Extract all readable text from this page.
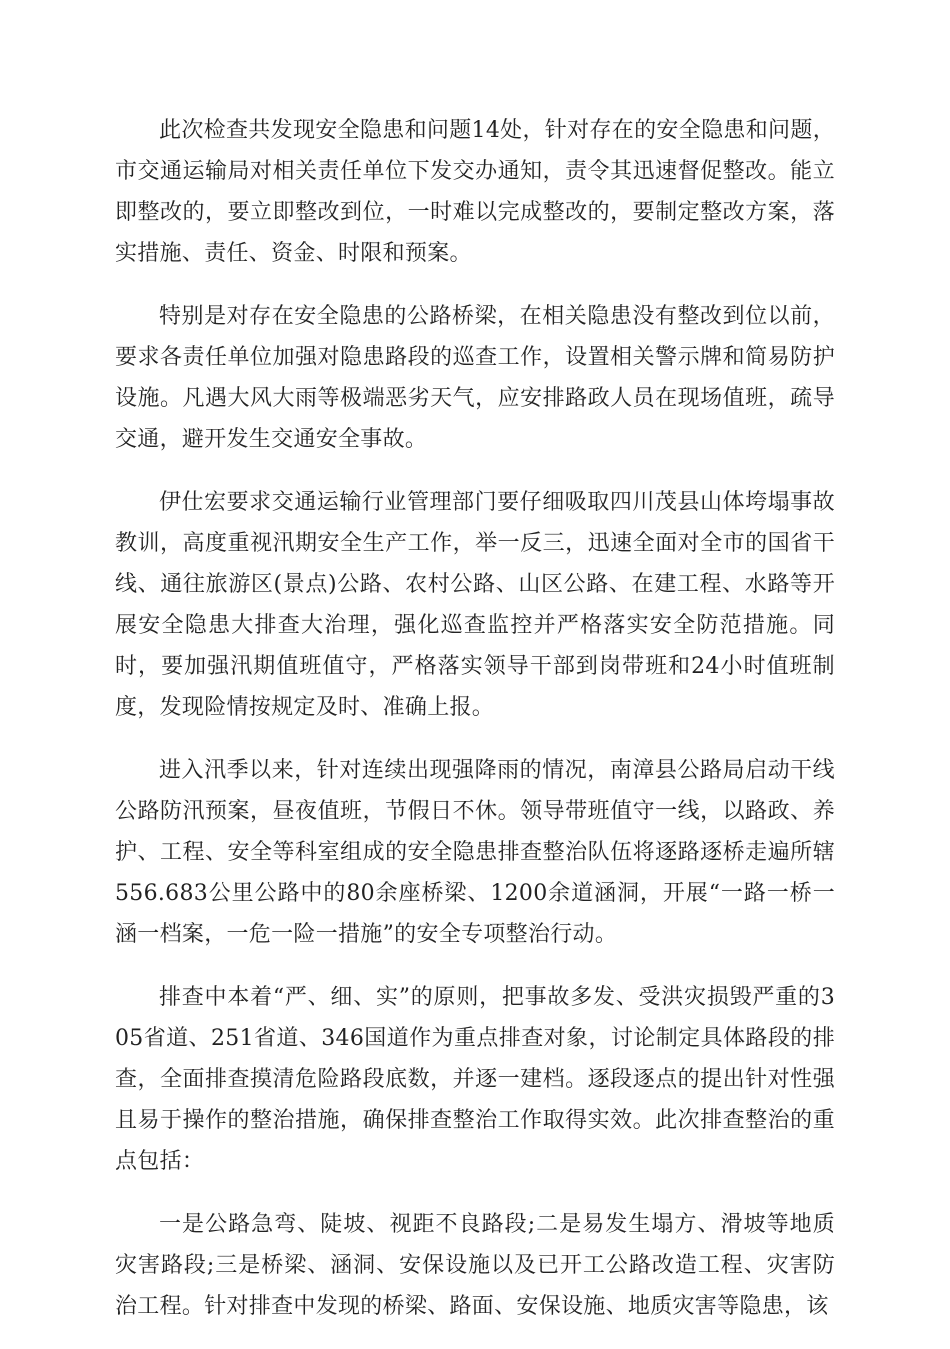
此次检查共发现安全隐患和问题14处，针对存在的安全隐患和问题，市交通运输局对相关责任单位下发交办通知，责令其迅速督促整改。能立即整改的，要立即整改到位，一时难以完成整改的，要制定整改方案，落实措施、责任、资金、时限和预案。

特别是对存在安全隐患的公路桥梁，在相关隐患没有整改到位以前，要求各责任单位加强对隐患路段的巡查工作，设置相关警示牌和简易防护设施。凡遇大风大雨等极端恶劣天气，应安排路政人员在现场值班，疏导交通，避开发生交通安全事故。

伊仕宏要求交通运输行业管理部门要仔细吸取四川茂县山体垮塌事故教训，高度重视汛期安全生产工作，举一反三，迅速全面对全市的国省干线、通往旅游区(景点)公路、农村公路、山区公路、在建工程、水路等开展安全隐患大排查大治理，强化巡查监控并严格落实安全防范措施。同时，要加强汛期值班值守，严格落实领导干部到岗带班和24小时值班制度，发现险情按规定及时、准确上报。

进入汛季以来，针对连续出现强降雨的情况，南漳县公路局启动干线公路防汛预案，昼夜值班，节假日不休。领导带班值守一线，以路政、养护、工程、安全等科室组成的安全隐患排查整治队伍将逐路逐桥走遍所辖556.683公里公路中的80余座桥梁、1200余道涵洞，开展“一路一桥一涵一档案，一危一险一措施”的安全专项整治行动。

排查中本着“严、细、实”的原则，把事故多发、受洪灾损毁严重的305省道、251省道、346国道作为重点排查对象，讨论制定具体路段的排查，全面排查摸清危险路段底数，并逐一建档。逐段逐点的提出针对性强且易于操作的整治措施，确保排查整治工作取得实效。此次排查整治的重点包括：

一是公路急弯、陡坡、视距不良路段;二是易发生塌方、滑坡等地质灾害路段;三是桥梁、涵洞、安保设施以及已开工公路改造工程、灾害防治工程。针对排查中发现的桥梁、路面、安保设施、地质灾害等隐患，该
